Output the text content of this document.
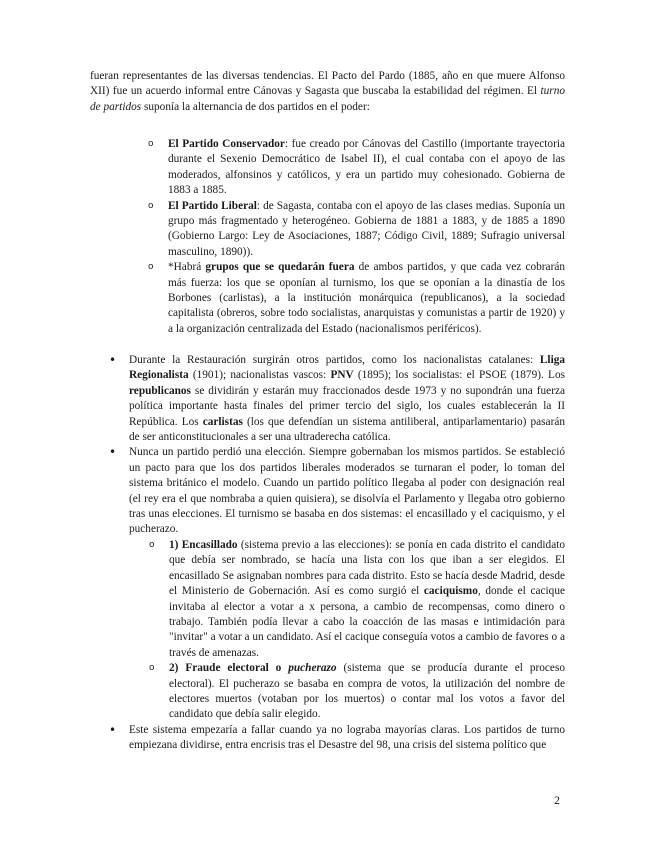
fueran representantes de las diversas tendencias. El Pacto del Pardo (1885, año en que muere Alfonso XII) fue un acuerdo informal entre Cánovas y Sagasta que buscaba la estabilidad del régimen. El turno de partidos suponía la alternancia de dos partidos en el poder:

o El Partido Conservador: fue creado por Cánovas del Castillo (importante trayectoria durante el Sexenio Democrático de Isabel II), el cual contaba con el apoyo de las moderados, alfonsinos y católicos, y era un partido muy cohesionado. Gobierna de 1883 a 1885.
o El Partido Liberal: de Sagasta, contaba con el apoyo de las clases medias. Suponía un grupo más fragmentado y heterogéneo. Gobierna de 1881 a 1883, y de 1885 a 1890 (Gobierno Largo: Ley de Asociaciones, 1887; Código Civil, 1889; Sufragio universal masculino, 1890)).
o *Habrá grupos que se quedarán fuera de ambos partidos, y que cada vez cobrarán más fuerza: los que se oponían al turnismo, los que se oponían a la dinastía de los Borbones (carlistas), a la institución monárquica (republicanos), a la sociedad capitalista (obreros, sobre todo socialistas, anarquistas y comunistas a partir de 1920) y a la organización centralizada del Estado (nacionalismos periféricos).
• Durante la Restauración surgirán otros partidos, como los nacionalistas catalanes: Lliga Regionalista (1901); nacionalistas vascos: PNV (1895); los socialistas: el PSOE (1879). Los republicanos se dividirán y estarán muy fraccionados desde 1973 y no supondrán una fuerza política importante hasta finales del primer tercio del siglo, los cuales establecerán la II República. Los carlistas (los que defendían un sistema antiliberal, antiparlamentario) pasarán de ser anticonstitucionales a ser una ultraderecha católica.
• Nunca un partido perdió una elección. Siempre gobernaban los mismos partidos. Se estableció un pacto para que los dos partidos liberales moderados se turnaran el poder, lo toman del sistema británico el modelo. Cuando un partido político llegaba al poder con designación real (el rey era el que nombraba a quien quisiera), se disolvía el Parlamento y llegaba otro gobierno tras unas elecciones. El turnismo se basaba en dos sistemas: el encasillado y el caciquismo, y el pucherazo.
o 1) Encasillado (sistema previo a las elecciones): se ponía en cada distrito el candidato que debía ser nombrado, se hacía una lista con los que iban a ser elegidos. El encasillado Se asignaban nombres para cada distrito. Esto se hacía desde Madrid, desde el Ministerio de Gobernación. Así es como surgió el caciquismo, donde el cacique invitaba al elector a votar a x persona, a cambio de recompensas, como dinero o trabajo. También podía llevar a cabo la coacción de las masas e intimidación para "invitar" a votar a un candidato. Así el cacique conseguía votos a cambio de favores o a través de amenazas.
o 2) Fraude electoral o pucherazo (sistema que se producía durante el proceso electoral). El pucherazo se basaba en compra de votos, la utilización del nombre de electores muertos (votaban por los muertos) o contar mal los votos a favor del candidato que debía salir elegido.
• Este sistema empezaría a fallar cuando ya no lograba mayorías claras. Los partidos de turno empiezana dividirse, entra encrisis tras el Desastre del 98, una crisis del sistema político que
2
